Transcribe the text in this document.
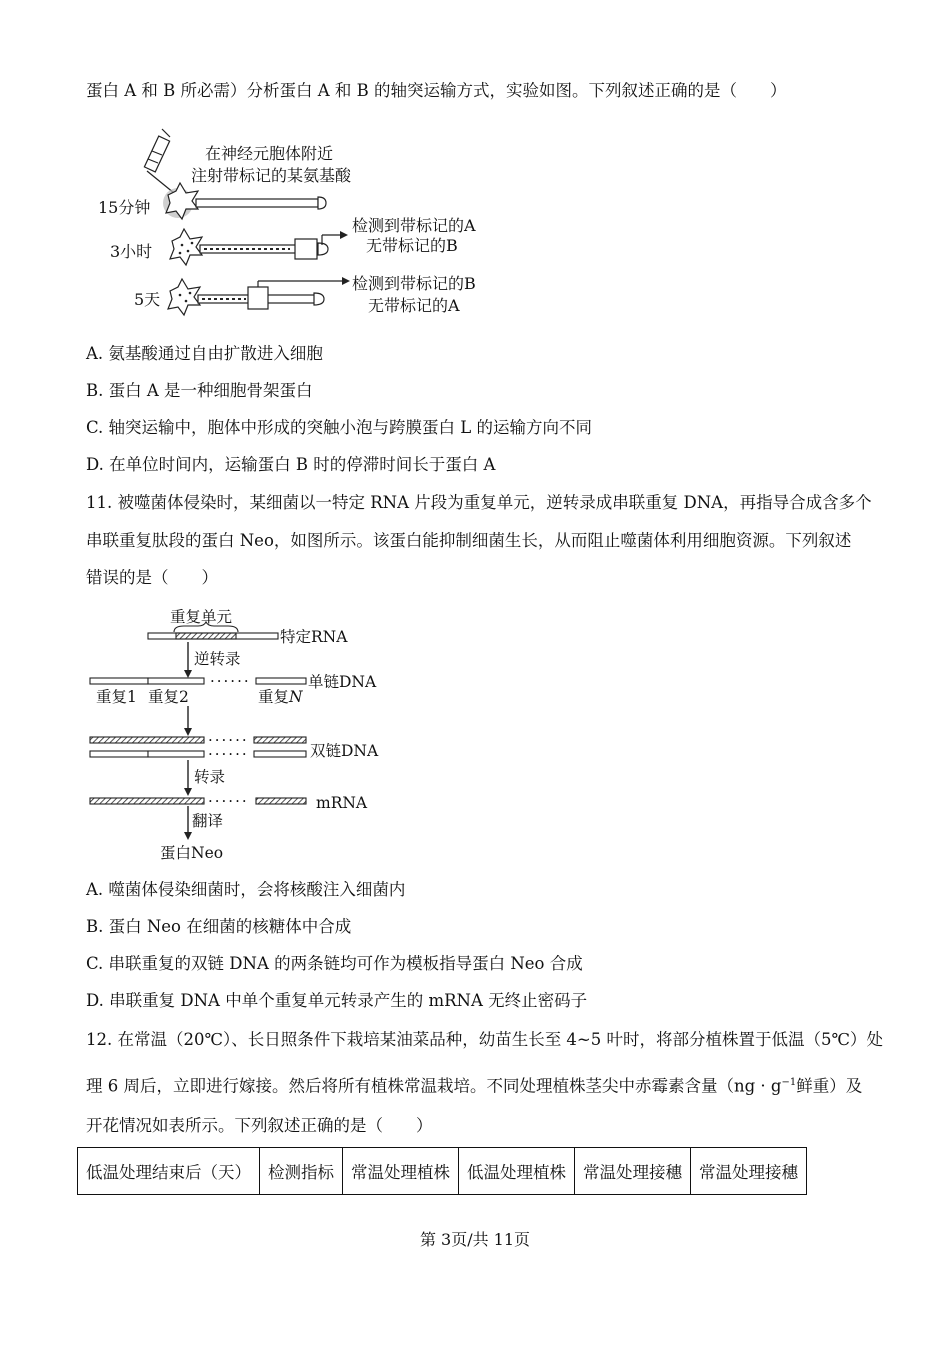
蛋白 A 和 B 所必需）分析蛋白 A 和 B 的轴突运输方式，实验如图。下列叙述正确的是（　　）
在神经元胞体附近
注射带标记的某氨基酸
15分钟
3小时
检测到带标记的A
无带标记的B
5天
检测到带标记的B
无带标记的A
A. 氨基酸通过自由扩散进入细胞
B. 蛋白 A 是一种细胞骨架蛋白
C. 轴突运输中，胞体中形成的突触小泡与跨膜蛋白 L 的运输方向不同
D. 在单位时间内，运输蛋白 B 时的停滞时间长于蛋白 A
11. 被噬菌体侵染时，某细菌以一特定 RNA 片段为重复单元，逆转录成串联重复 DNA，再指导合成含多个
串联重复肽段的蛋白 Neo，如图所示。该蛋白能抑制细菌生长，从而阻止噬菌体利用细胞资源。下列叙述
错误的是（　　）
重复单元
特定RNA
逆转录
······	单链DNA
重复1 重复2	重复N
······
······	双链DNA
转录
······	mRNA
翻译
蛋白Neo
A. 噬菌体侵染细菌时，会将核酸注入细菌内
B. 蛋白 Neo 在细菌的核糖体中合成
C. 串联重复的双链 DNA 的两条链均可作为模板指导蛋白 Neo 合成
D. 串联重复 DNA 中单个重复单元转录产生的 mRNA 无终止密码子
12. 在常温（20℃）、长日照条件下栽培某油菜品种，幼苗生长至 4~5 叶时，将部分植株置于低温（5℃）处
理 6 周后，立即进行嫁接。然后将所有植株常温栽培。不同处理植株茎尖中赤霉素含量（$ng \cdot g^{-1}$鲜重）及
开花情况如表所示。下列叙述正确的是（　　）
低温处理结束后（天）	检测指标	常温处理植株	低温处理植株	常温处理接穗	常温处理接穗
第 3页/共 11页
